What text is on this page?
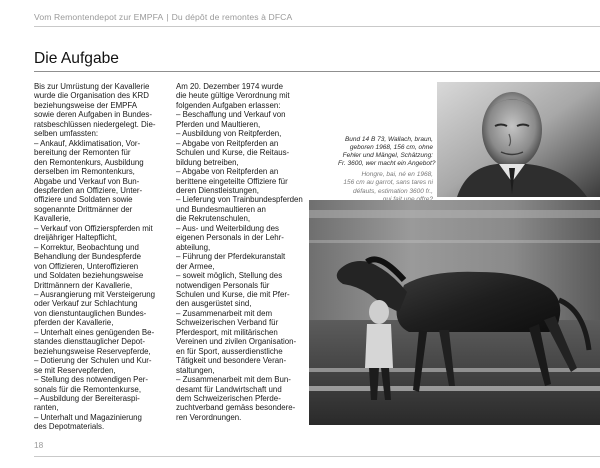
Vom Remontendepot zur EMPFA | Du dépôt de remontes à DFCA
Die Aufgabe
Bis zur Umrüstung der Kavallerie
wurde die Organisation des KRD
beziehungsweise der EMPFA
sowie deren Aufgaben in Bundes-
ratsbeschlüssen niedergelegt. Die-
selben umfassten:
– Ankauf, Akklimatisation, Vor-
bereitung der Remonten für
den Remontenkurs, Ausbildung
derselben im Remontenkurs,
Abgabe und Verkauf von Bun-
despferden an Offiziere, Unter-
offiziere und Soldaten sowie
sogenannte Drittmänner der
Kavallerie,
– Verkauf von Offizierspferden mit
dreijähriger Haltepflicht,
– Korrektur, Beobachtung und
Behandlung der Bundespferde
von Offizieren, Unteroffizieren
und Soldaten beziehungsweise
Drittmännern der Kavallerie,
– Ausrangierung mit Versteigerung
oder Verkauf zur Schlachtung
von dienstuntauglichen Bundes-
pferden der Kavallerie,
– Unterhalt eines genügenden Be-
standes diensttauglicher Depot-
beziehungsweise Reservepferde,
– Dotierung der Schulen und Kur-
se mit Reservepferden,
– Stellung des notwendigen Per-
sonals für die Remontenkurse,
– Ausbildung der Bereiteraspi-
ranten,
– Unterhalt und Magazinierung
des Depotmaterials.
Am 20. Dezember 1974 wurde
die heute gültige Verordnung mit
folgenden Aufgaben erlassen:
– Beschaffung und Verkauf von
Pferden und Maultieren,
– Ausbildung von Reitpferden,
– Abgabe von Reitpferden an
Schulen und Kurse, die Reitaus-
bildung betreiben,
– Abgabe von Reitpferden an
berittene eingeteilte Offiziere für
deren Dienstleistungen,
– Lieferung von Trainbundespferden
und Bundesmaultieren an
die Rekrutenschulen,
– Aus- und Weiterbildung des
eigenen Personals in der Lehr-
abteilung,
– Führung der Pferdekuranstalt
der Armee,
– soweit möglich, Stellung des
notwendigen Personals für
Schulen und Kurse, die mit Pfer-
den ausgerüstet sind,
– Zusammenarbeit mit dem
Schweizerischen Verband für
Pferdesport, mit militärischen
Vereinen und zivilen Organisation-
en für Sport, ausserdienstliche
Tätigkeit und besondere Veran-
staltungen,
– Zusammenarbeit mit dem Bun-
desamt für Landwirtschaft und
dem Schweizerischen Pferde-
zuchtverband gemäss besondere-
ren Verordnungen.
Bund 14 B 73, Wallach, braun,
geboren 1968, 156 cm, ohne
Fehler und Mängel, Schätzung:
Fr. 3600, wer macht ein Angebot?
Hongre, bai, né en 1968,
156 cm au garrot, sans tares ni
défauts, estimation 3600 fr.,
18
